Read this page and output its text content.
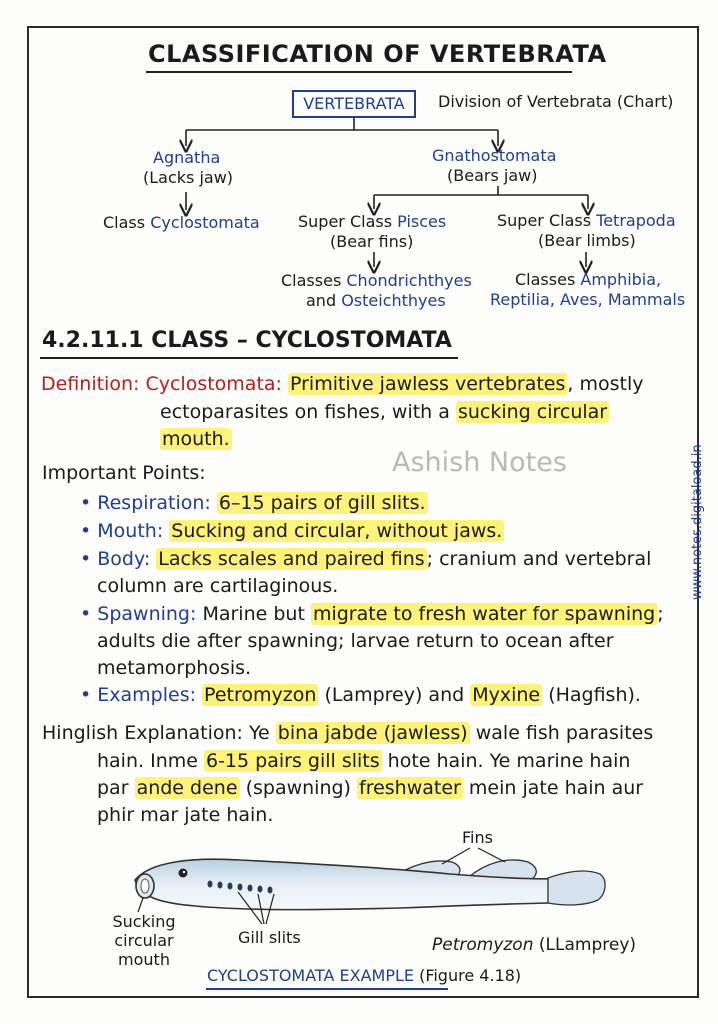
CLASSIFICATION OF VERTEBRATA
VERTEBRATA	Division of Vertebrata (Chart)
Agnatha
(Lacks jaw)
Class Cyclostomata
Gnathostomata
(Bears jaw)
Super Class Pisces
(Bear fins)
Classes Chondrichthyes
and Osteichthyes
Super Class Tetrapoda
(Bear limbs)
Classes Amphibia,
Reptilia, Aves, Mammals
4.2.11.1 CLASS – CYCLOSTOMATA
Definition: Cyclostomata: Primitive jawless vertebrates , mostly
ectoparasites on fishes, with a sucking circular
mouth.
Important Points:	Ashish Notes
• Respiration: 6–15 pairs of gill slits.
• Mouth: Sucking and circular, without jaws.
• Body: Lacks scales and paired fins ; cranium and vertebral
column are cartilaginous.
• Spawning: Marine but migrate to fresh water for spawning ;
adults die after spawning; larvae return to ocean after
metamorphosis.
• Examples: Petromyzon (Lamprey) and Myxine (Hagfish).
Hinglish Explanation: Ye bina jabde (jawless) wale fish parasites
hain. Inme 6-15 pairs gill slits hote hain. Ye marine hain
par ande dene (spawning) freshwater mein jate hain aur
phir mar jate hain.
Fins
Sucking
circular
mouth
Gill slits	Petromyzon (LLamprey)
CYCLOSTOMATA EXAMPLE (Figure 4.18)
www.notes.digitaload.in
